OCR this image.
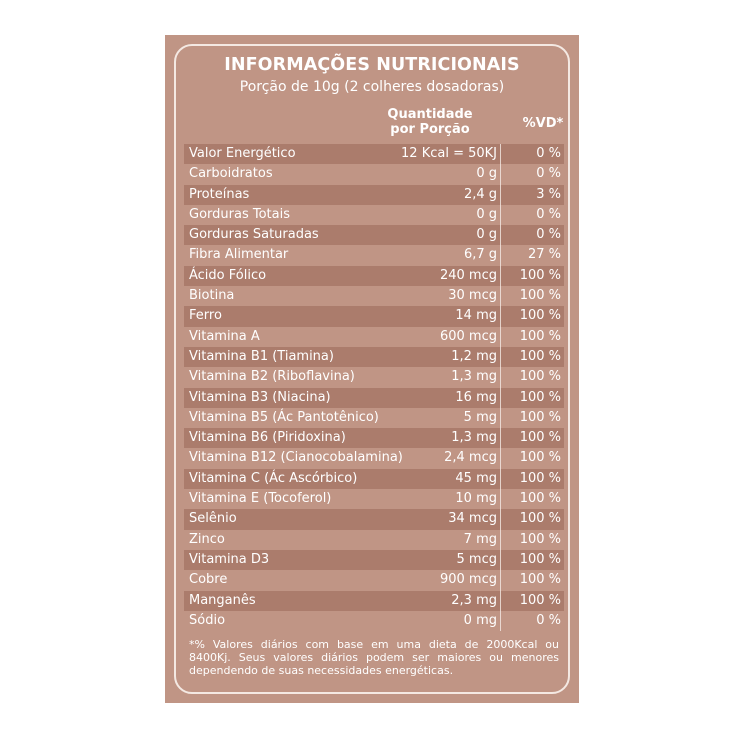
INFORMAÇÕES NUTRICIONAIS
Porção de 10g (2 colheres dosadoras)
Quantidade
por Porção	%VD*
Valor Energético	12 Kcal = 50KJ	0 %
Carboidratos	0 g	0 %
Proteínas	2,4 g	3 %
Gorduras Totais	0 g	0 %
Gorduras Saturadas	0 g	0 %
Fibra Alimentar	6,7 g 27 %
Ácido Fólico	240 mcg 100 %
Biotina	30 mcg 100 %
Ferro	14 mg 100 %
Vitamina A	600 mcg 100 %
Vitamina B1 (Tiamina)	1,2 mg 100 %
Vitamina B2 (Riboflavina)	1,3 mg 100 %
Vitamina B3 (Niacina)	16 mg 100 %
Vitamina B5 (Ác Pantotênico)	5 mg 100 %
Vitamina B6 (Piridoxina)	1,3 mg 100 %
Vitamina B12 (Cianocobalamina)	2,4 mcg 100 %
Vitamina C (Ác Ascórbico)	45 mg 100 %
Vitamina E (Tocoferol)	10 mg 100 %
Selênio	34 mcg 100 %
Zinco	7 mg 100 %
Vitamina D3	5 mcg 100 %
Cobre	900 mcg 100 %
Manganês	2,3 mg 100 %
Sódio	0 mg	0 %
*% Valores diários com base em uma dieta de 2000Kcal ou 8400Kj. Seus valores diários podem ser maiores ou menores dependendo de suas necessidades energéticas.
